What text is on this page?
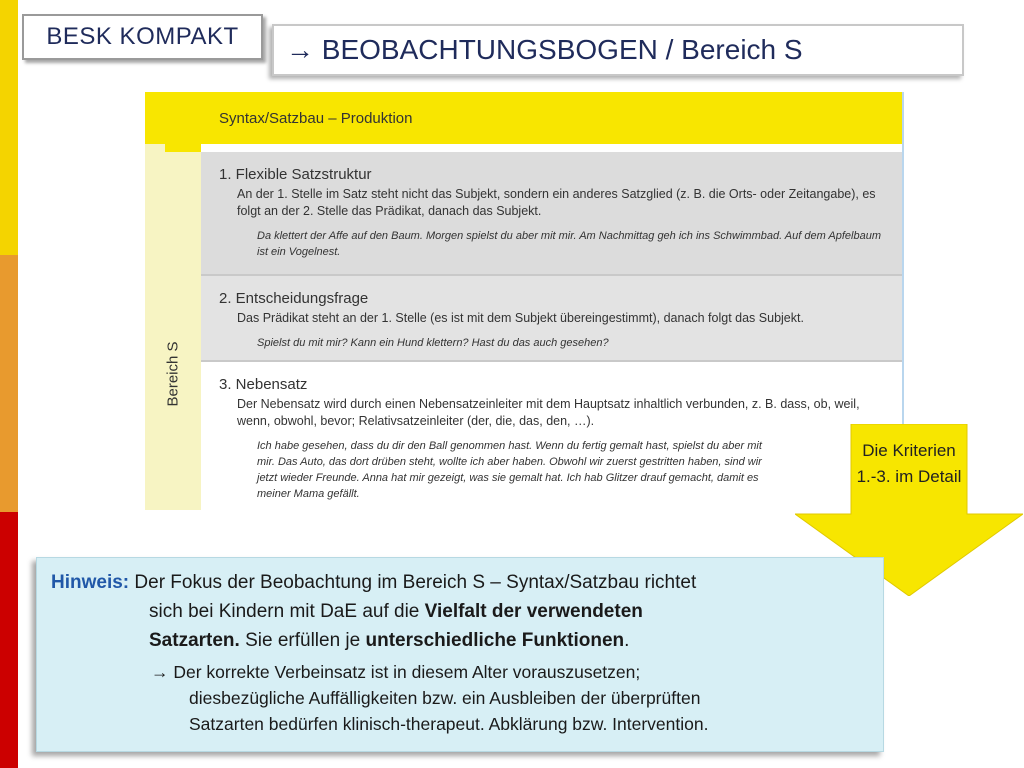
BESK KOMPAKT → BEOBACHTUNGSBOGEN / Bereich S
Syntax/Satzbau – Produktion
Bereich S
1. Flexible Satzstruktur
An der 1. Stelle im Satz steht nicht das Subjekt, sondern ein anderes Satzglied (z. B. die Orts- oder Zeitangabe), es folgt an der 2. Stelle das Prädikat, danach das Subjekt.
Da klettert der Affe auf den Baum. Morgen spielst du aber mit mir. Am Nachmittag geh ich ins Schwimmbad. Auf dem Apfelbaum ist ein Vogelnest.
2. Entscheidungsfrage
Das Prädikat steht an der 1. Stelle (es ist mit dem Subjekt übereingestimmt), danach folgt das Subjekt.
Spielst du mit mir? Kann ein Hund klettern? Hast du das auch gesehen?
3. Nebensatz
Der Nebensatz wird durch einen Nebensatzeinleiter mit dem Hauptsatz inhaltlich verbunden, z. B. dass, ob, weil, wenn, obwohl, bevor; Relativsatzeinleiter (der, die, das, den, …).
Ich habe gesehen, dass du dir den Ball genommen hast. Wenn du fertig gemalt hast, spielst du aber mit mir. Das Auto, das dort drüben steht, wollte ich aber haben. Obwohl wir zuerst gestritten haben, sind wir jetzt wieder Freunde. Anna hat mir gezeigt, was sie gemalt hat. Ich hab Glitzer drauf gemacht, damit es meiner Mama gefällt.
Die Kriterien 1.-3. im Detail
Hinweis: Der Fokus der Beobachtung im Bereich S – Syntax/Satzbau richtet
sich bei Kindern mit DaE auf die Vielfalt der verwendeten
Satzarten. Sie erfüllen je unterschiedliche Funktionen.
→ Der korrekte Verbeinsatz ist in diesem Alter vorauszusetzen;
diesbezügliche Auffälligkeiten bzw. ein Ausbleiben der überprüften
Satzarten bedürfen klinisch-therapeut. Abklärung bzw. Intervention.
